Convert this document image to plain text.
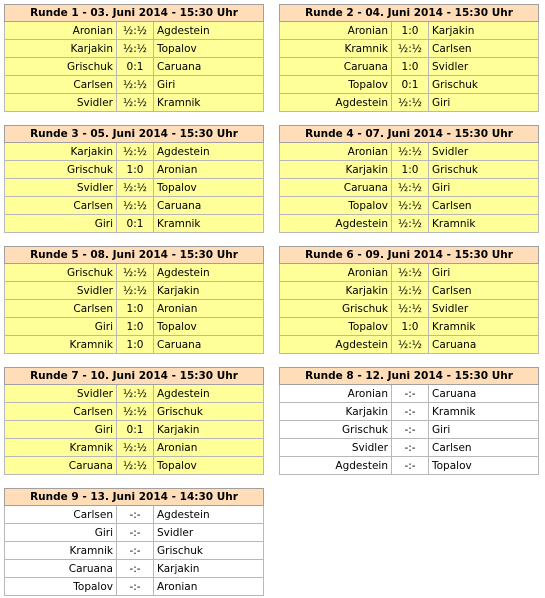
Runde 1 - 03. Juni 2014 - 15:30 Uhr		
Aronian	½:½	Agdestein
Karjakin	½:½	Topalov
Grischuk	0:1	Caruana
Carlsen	½:½	Giri
Svidler	½:½	Kramnik
Runde 2 - 04. Juni 2014 - 15:30 Uhr		
Aronian	1:0	Karjakin
Kramnik	½:½	Carlsen
Caruana	1:0	Svidler
Topalov	0:1	Grischuk
Agdestein	½:½	Giri
Runde 3 - 05. Juni 2014 - 15:30 Uhr		
Karjakin	½:½	Agdestein
Grischuk	1:0	Aronian
Svidler	½:½	Topalov
Carlsen	½:½	Caruana
Giri	0:1	Kramnik
Runde 4 - 07. Juni 2014 - 15:30 Uhr		
Aronian	½:½	Svidler
Karjakin	1:0	Grischuk
Caruana	½:½	Giri
Topalov	½:½	Carlsen
Agdestein	½:½	Kramnik
Runde 5 - 08. Juni 2014 - 15:30 Uhr		
Grischuk	½:½	Agdestein
Svidler	½:½	Karjakin
Carlsen	1:0	Aronian
Giri	1:0	Topalov
Kramnik	1:0	Caruana
Runde 6 - 09. Juni 2014 - 15:30 Uhr		
Aronian	½:½	Giri
Karjakin	½:½	Carlsen
Grischuk	½:½	Svidler
Topalov	1:0	Kramnik
Agdestein	½:½	Caruana
Runde 7 - 10. Juni 2014 - 15:30 Uhr		
Svidler	½:½	Agdestein
Carlsen	½:½	Grischuk
Giri	0:1	Karjakin
Kramnik	½:½	Aronian
Caruana	½:½	Topalov
Runde 8 - 12. Juni 2014 - 15:30 Uhr		
Aronian	-:-	Caruana
Karjakin	-:-	Kramnik
Grischuk	-:-	Giri
Svidler	-:-	Carlsen
Agdestein	-:-	Topalov
Runde 9 - 13. Juni 2014 - 14:30 Uhr		
Carlsen	-:-	Agdestein
Giri	-:-	Svidler
Kramnik	-:-	Grischuk
Caruana	-:-	Karjakin
Topalov	-:-	Aronian
